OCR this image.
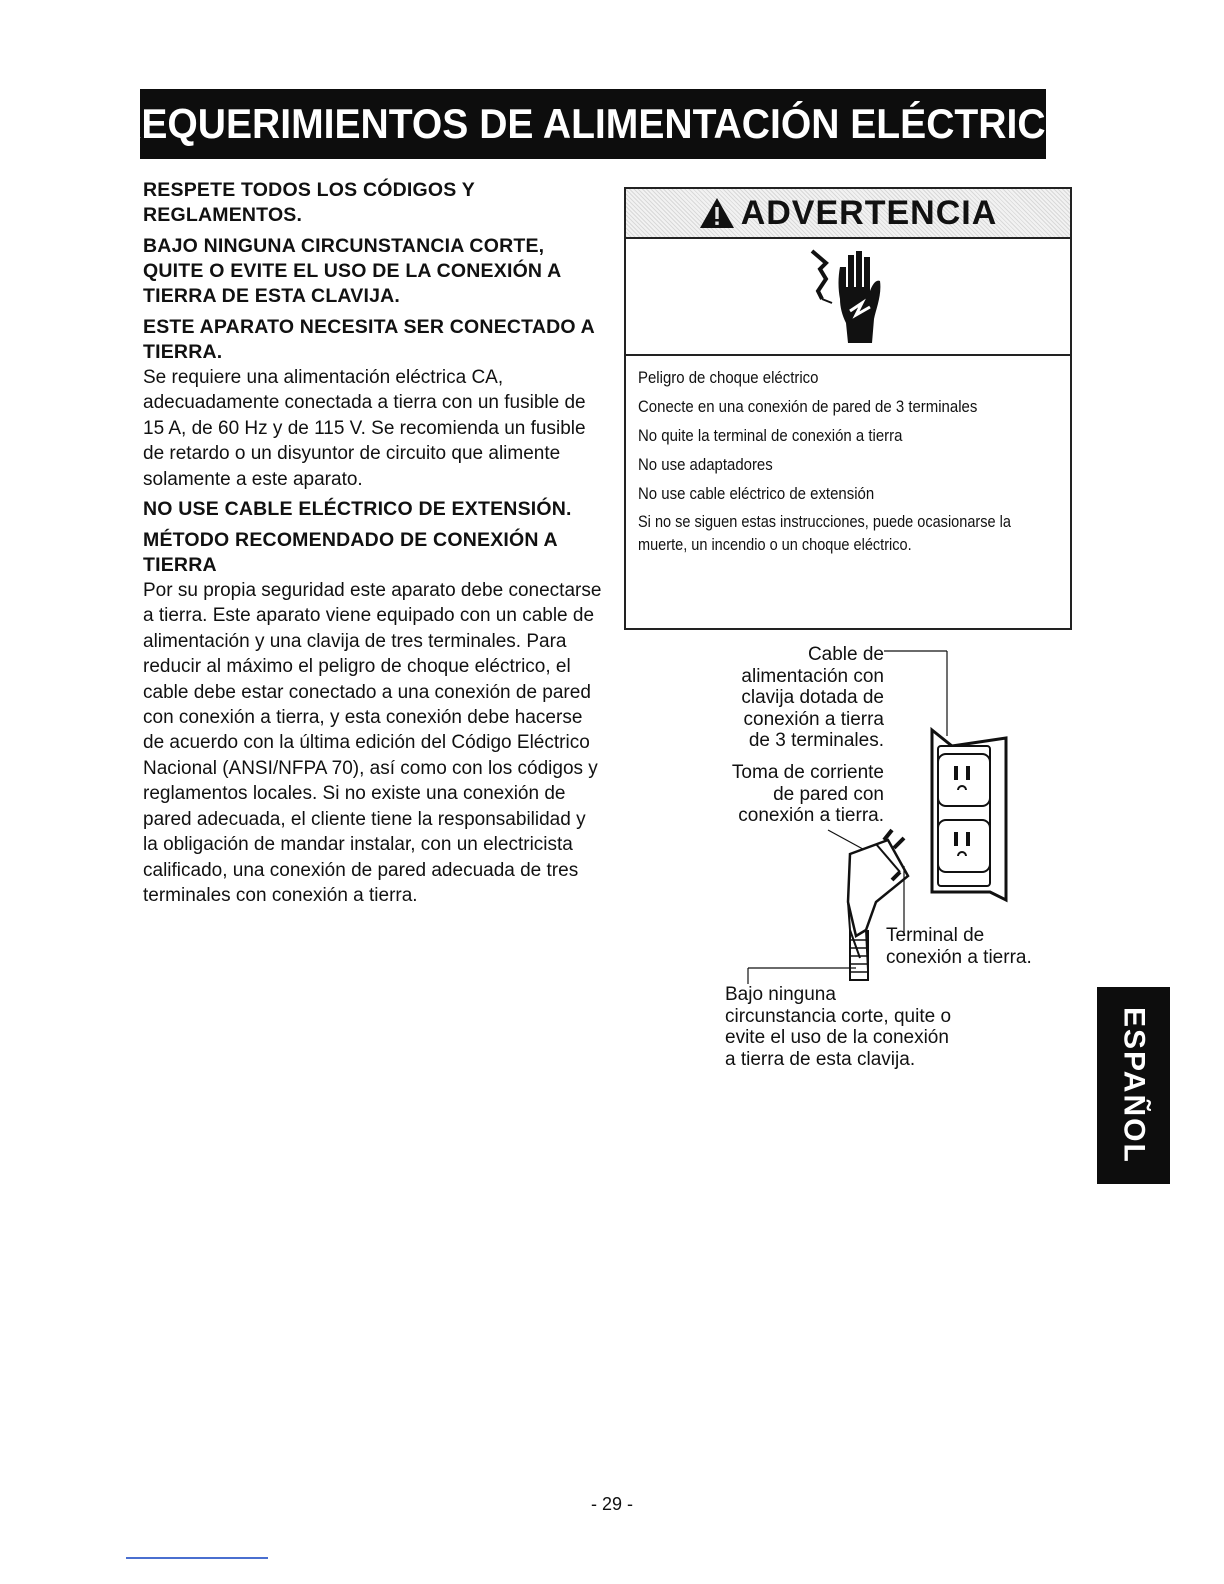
REQUERIMIENTOS DE ALIMENTACIÓN ELÉCTRICA

RESPETE TODOS LOS CÓDIGOS Y REGLAMENTOS.

BAJO NINGUNA CIRCUNSTANCIA CORTE, QUITE O EVITE EL USO DE LA CONEXIÓN A TIERRA DE ESTA CLAVIJA.

ESTE APARATO NECESITA SER CONECTADO A TIERRA.

Se requiere una alimentación eléctrica CA, adecuadamente conectada a tierra con un fusible de 15 A, de 60 Hz y de 115 V. Se recomienda un fusible de retardo o un disyuntor de circuito que alimente solamente a este aparato.

NO USE CABLE ELÉCTRICO DE EXTENSIÓN.

MÉTODO RECOMENDADO DE CONEXIÓN A TIERRA

Por su propia seguridad este aparato debe conectarse a tierra. Este aparato viene equipado con un cable de alimentación y una clavija de tres terminales. Para reducir al máximo el peligro de choque eléctrico, el cable debe estar conectado a una conexión de pared con conexión a tierra, y esta conexión debe hacerse de acuerdo con la última edición del Código Eléctrico Nacional (ANSI/NFPA 70), así como con los códigos y reglamentos locales. Si no existe una conexión de pared adecuada, el cliente tiene la responsabilidad y la obligación de mandar instalar, con un electricista calificado, una conexión de pared adecuada de tres terminales con conexión a tierra.

ADVERTENCIA

Peligro de choque eléctrico

Conecte en una conexión de pared de 3 terminales

No quite la terminal de conexión a tierra

No use adaptadores

No use cable eléctrico de extensión

Si no se siguen estas instrucciones, puede ocasionarse la muerte, un incendio o un choque eléctrico.

Cable de
alimentación con
clavija dotada de
conexión a tierra
de 3 terminales.
Toma de corriente
de pared con
conexión a tierra.
Terminal de
conexión a tierra.
Bajo ninguna
circunstancia corte, quite o
evite el uso de la conexión
a tierra de esta clavija.	ESPAÑOL
- 29 -
